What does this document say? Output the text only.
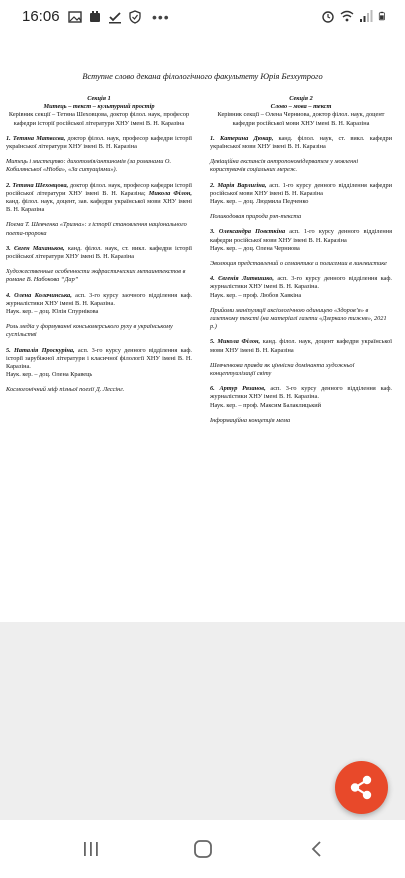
16:06	•••
Вступне слово декана філологічного факультету Юрія Безхутрого
Секція 1
Митець – текст – культурний простір
Керівник секції – Тетяна Шеховцова, доктор філол. наук, професор кафедри історії російської літератури ХНУ імені В. Н. Каразіна
1. Тетяна Матвєєва, доктор філол. наук, професор кафедри історії української літератури ХНУ імені В. Н. Каразіна
Митець і мистецтво: дихотомія/антиномія (за романами О. Кобилянської «Ніоба», «За ситуаціями»).
2. Тетяна Шеховцова, доктор філол. наук, професор кафедри історії російської літератури ХНУ імені В. Н. Каразіна; Микола Філон, канд. філол. наук, доцент, зав. кафедри української мови ХНУ імені В. Н. Каразіна
Поема Т. Шевченка «Тризна»: з історії становлення національного поета-пророка
3. Євген Маханьков, канд. філол. наук, ст. викл. кафедри історії російської літератури ХНУ імені В. Н. Каразіна
Художественные особенности экфрастических метаинтекстов в романе В. Набокова “Дар”
4. Олена Колачинська, асп. 3-го курсу заочного відділення каф. журналістики ХНУ імені В. Н. Каразіна.
Наук. кер. – доц. Юлія Спурнікова
Роль медіа у формуванні консьюмерського руху в українському суспільстві
5. Наталія Проскуріна, асп. 3-го курсу денного відділення каф. історії зарубіжної літератури і класичної філології ХНУ імені В. Н. Каразіна.
Наук. кер. – доц. Олена Кравець
Космогонічний міф пізньої поезії Д. Лессінг.
Секція 2
Слово – мова – текст
Керівник секції – Олена Черниова, доктор філол. наук, доцент кафедри російської мови ХНУ імені В. Н. Каразіна
1. Катерина Дюкар, канд. філол. наук, ст. викл. кафедри української мови ХНУ імені В. Н. Каразіна
Девіаційна експансія антропономідерватем у мовленні користувачів соціальних мереж.
2. Марія Варлигіна, асп. 1-го курсу денного відділення кафедри російської мови ХНУ імені В. Н. Каразіна
Наук. кер. – доц. Людмила Педченко
Поликодовая природа рэп-текста
3. Олександра Повєткіна асп. 1-го курсу денного відділення кафедри російської мови ХНУ імені В. Н. Каразіна
Наук. кер. – доц. Олена Черниова
Эволюция представлений о семантике и полисемии в лингвистике
4. Євгенія Литвишко, асп. 3-го курсу денного відділення каф. журналістики ХНУ імені В. Н. Каразіна.
Наук. кер. – проф. Любов Хавкіна
Прийоми маніпуляції аксіологічною одиницею «Здоров’я» в газетному тексті (на матеріалі газети «Дзеркало тижня», 2021 р.)
5. Микола Філон, канд. філол. наук, доцент кафедри української мови ХНУ імені В. Н. Каразіна
Шевченкова правда як ціннісна домінанта художньої концептуалізації світу
6. Артур Рязанов, асп. 3-го курсу денного відділення каф. журналістики ХНУ імені В. Н. Каразіна.
Наук. кер. – проф. Максим Балаклицький
Інформаційна концепція мема
